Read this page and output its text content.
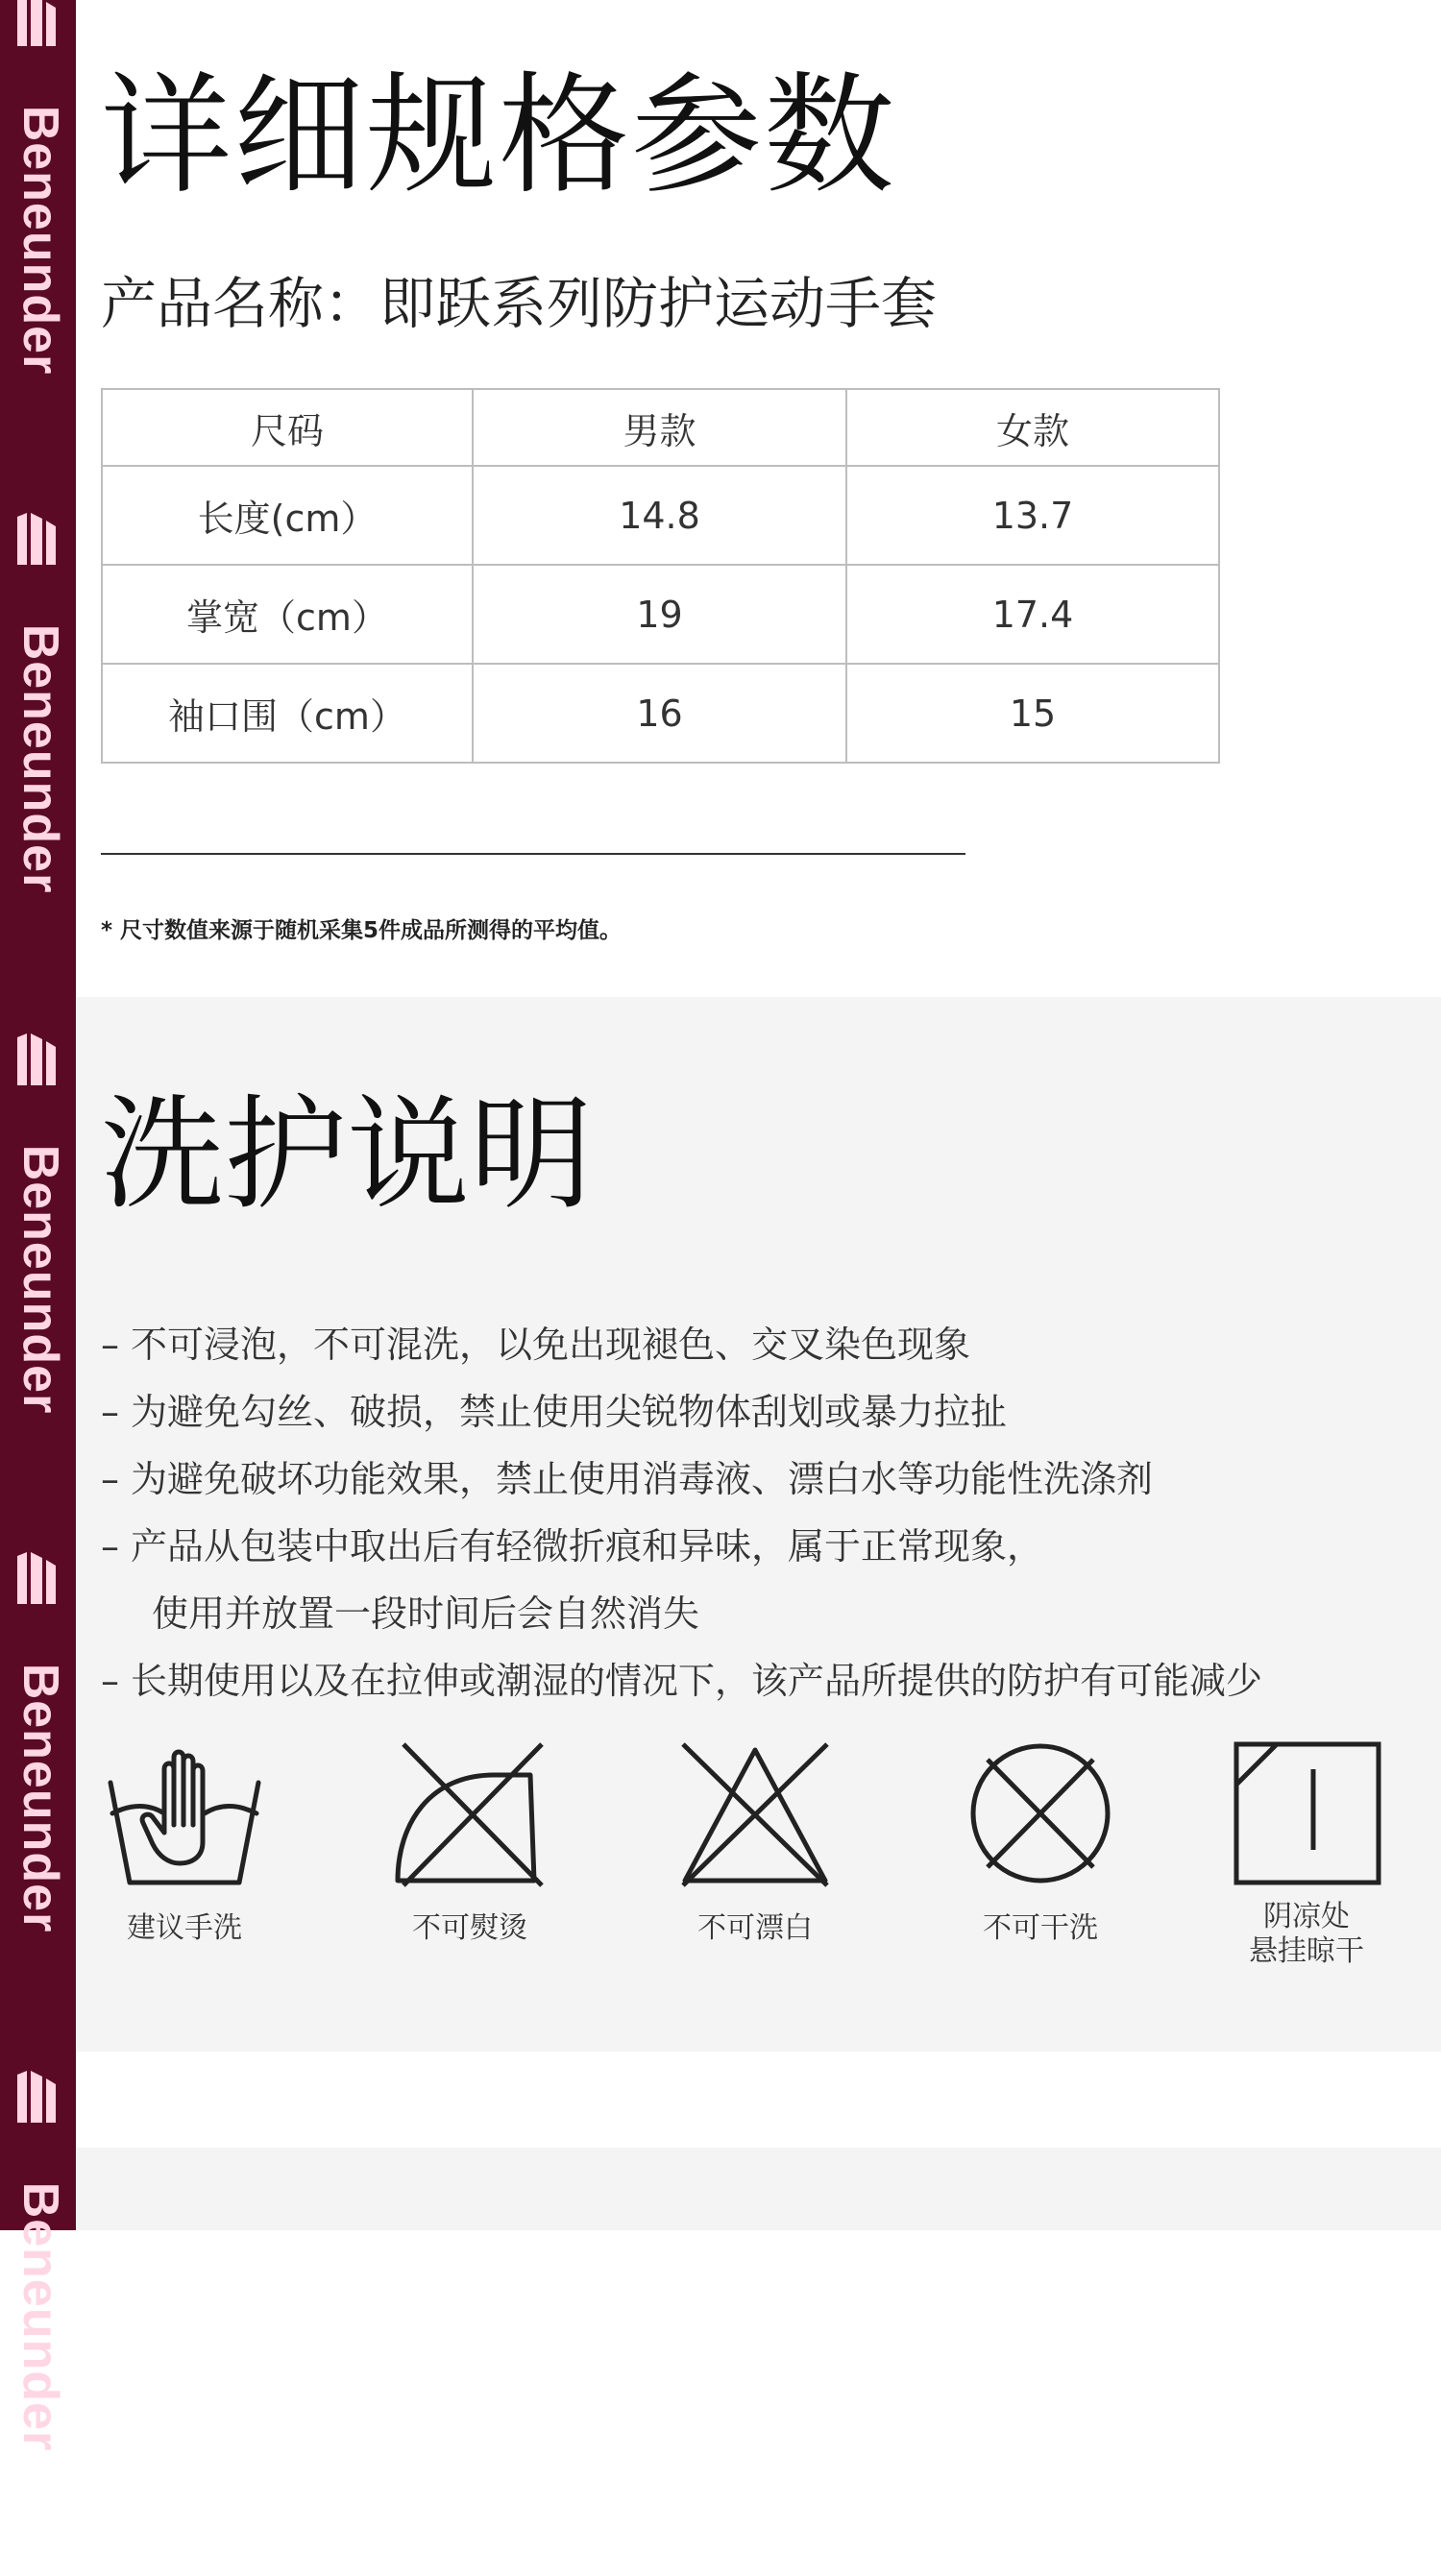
Beneunder
Beneunder
Beneunder
Beneunder
Beneunder
详细规格参数

产品名称：即跃系列防护运动手套

尺码	男款	女款
长度(cm）	14.8	13.7
掌宽（cm）	19	17.4
袖口围（cm）	16	15

* 尺寸数值来源于随机采集5件成品所测得的平均值。

洗护说明
– 不可浸泡，不可混洗，以免出现褪色、交叉染色现象
– 为避免勾丝、破损，禁止使用尖锐物体刮划或暴力拉扯
– 为避免破坏功能效果，禁止使用消毒液、漂白水等功能性洗涤剂
– 产品从包装中取出后有轻微折痕和异味，属于正常现象，
使用并放置一段时间后会自然消失
– 长期使用以及在拉伸或潮湿的情况下，该产品所提供的防护有可能减少
建议手洗	不可熨烫	不可漂白	不可干洗	阴凉处
悬挂晾干
